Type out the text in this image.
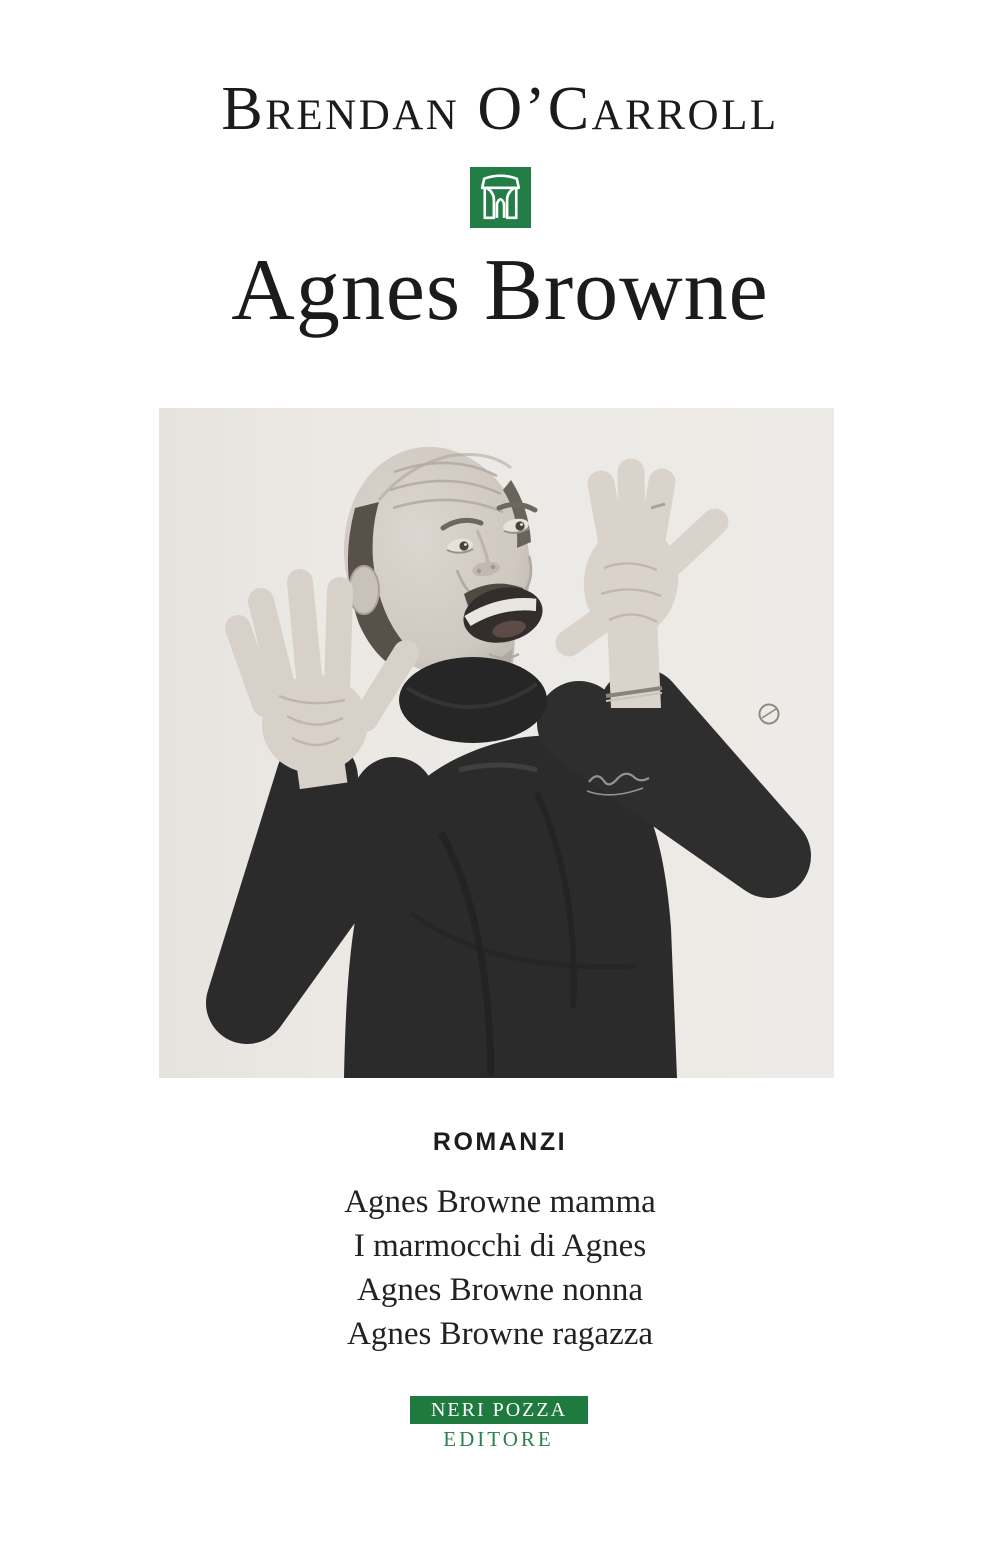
Brendan O’Carroll
Agnes Browne
ROMANZI
Agnes Browne mamma
I marmocchi di Agnes
Agnes Browne nonna
Agnes Browne ragazza
NERI POZZA
EDITORE
